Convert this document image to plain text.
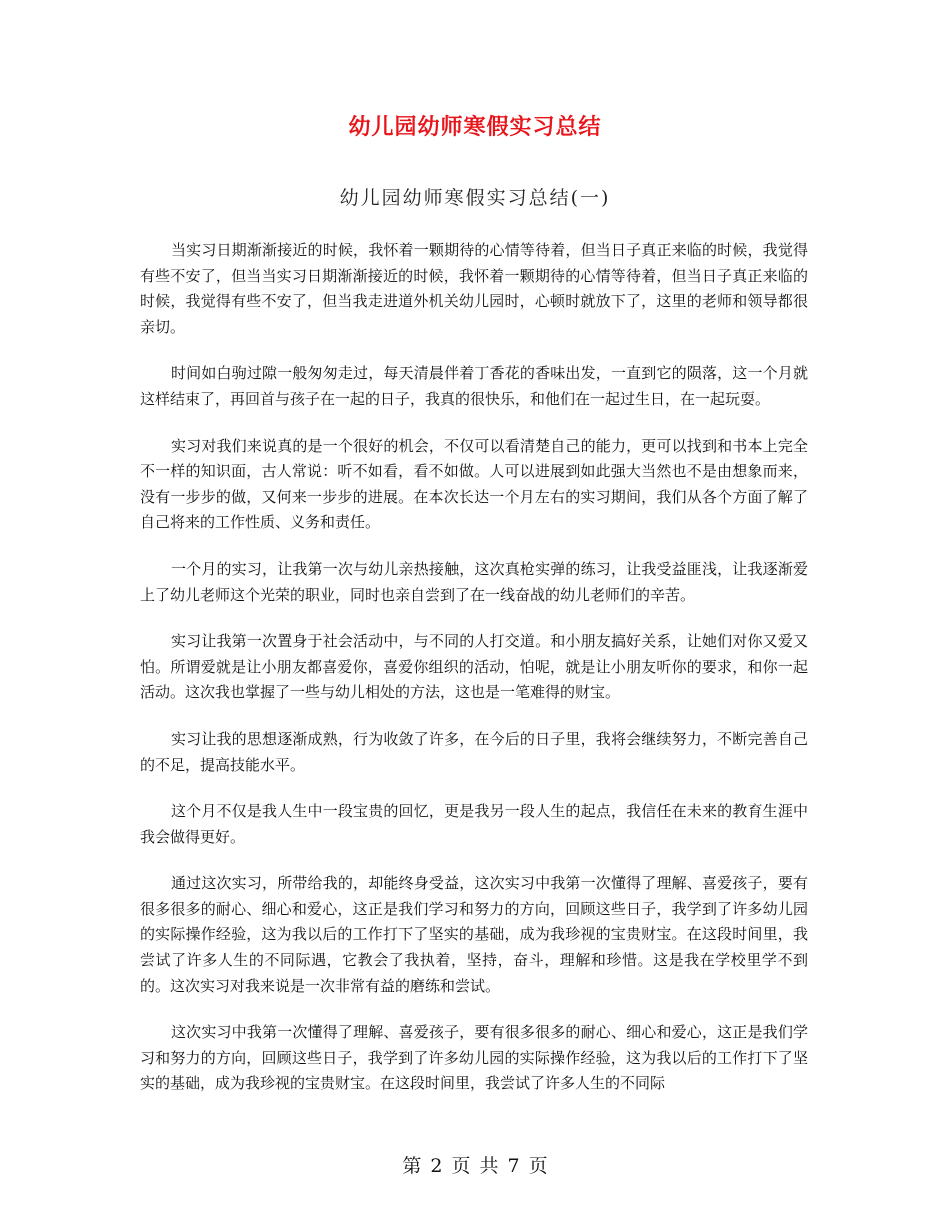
幼儿园幼师寒假实习总结
幼儿园幼师寒假实习总结(一)

当实习日期渐渐接近的时候，我怀着一颗期待的心情等待着，但当日子真正来临的时候，我觉得有些不安了，但当当实习日期渐渐接近的时候，我怀着一颗期待的心情等待着，但当日子真正来临的时候，我觉得有些不安了，但当我走进道外机关幼儿园时，心顿时就放下了，这里的老师和领导都很亲切。

时间如白驹过隙一般匆匆走过，每天清晨伴着丁香花的香味出发，一直到它的陨落，这一个月就这样结束了，再回首与孩子在一起的日子，我真的很快乐，和他们在一起过生日，在一起玩耍。

实习对我们来说真的是一个很好的机会，不仅可以看清楚自己的能力，更可以找到和书本上完全不一样的知识面，古人常说：听不如看，看不如做。人可以进展到如此强大当然也不是由想象而来，没有一步步的做，又何来一步步的进展。在本次长达一个月左右的实习期间，我们从各个方面了解了自己将来的工作性质、义务和责任。

一个月的实习，让我第一次与幼儿亲热接触，这次真枪实弹的练习，让我受益匪浅，让我逐渐爱上了幼儿老师这个光荣的职业，同时也亲自尝到了在一线奋战的幼儿老师们的辛苦。

实习让我第一次置身于社会活动中，与不同的人打交道。和小朋友搞好关系，让她们对你又爱又怕。所谓爱就是让小朋友都喜爱你，喜爱你组织的活动，怕呢，就是让小朋友听你的要求，和你一起活动。这次我也掌握了一些与幼儿相处的方法，这也是一笔难得的财宝。

实习让我的思想逐渐成熟，行为收敛了许多，在今后的日子里，我将会继续努力，不断完善自己的不足，提高技能水平。

这个月不仅是我人生中一段宝贵的回忆，更是我另一段人生的起点，我信任在未来的教育生涯中我会做得更好。

通过这次实习，所带给我的，却能终身受益，这次实习中我第一次懂得了理解、喜爱孩子，要有很多很多的耐心、细心和爱心，这正是我们学习和努力的方向，回顾这些日子，我学到了许多幼儿园的实际操作经验，这为我以后的工作打下了坚实的基础，成为我珍视的宝贵财宝。在这段时间里，我尝试了许多人生的不同际遇，它教会了我执着，坚持，奋斗，理解和珍惜。这是我在学校里学不到的。这次实习对我来说是一次非常有益的磨练和尝试。

这次实习中我第一次懂得了理解、喜爱孩子，要有很多很多的耐心、细心和爱心，这正是我们学习和努力的方向，回顾这些日子，我学到了许多幼儿园的实际操作经验，这为我以后的工作打下了坚实的基础，成为我珍视的宝贵财宝。在这段时间里，我尝试了许多人生的不同际

第 2 页 共 7 页
